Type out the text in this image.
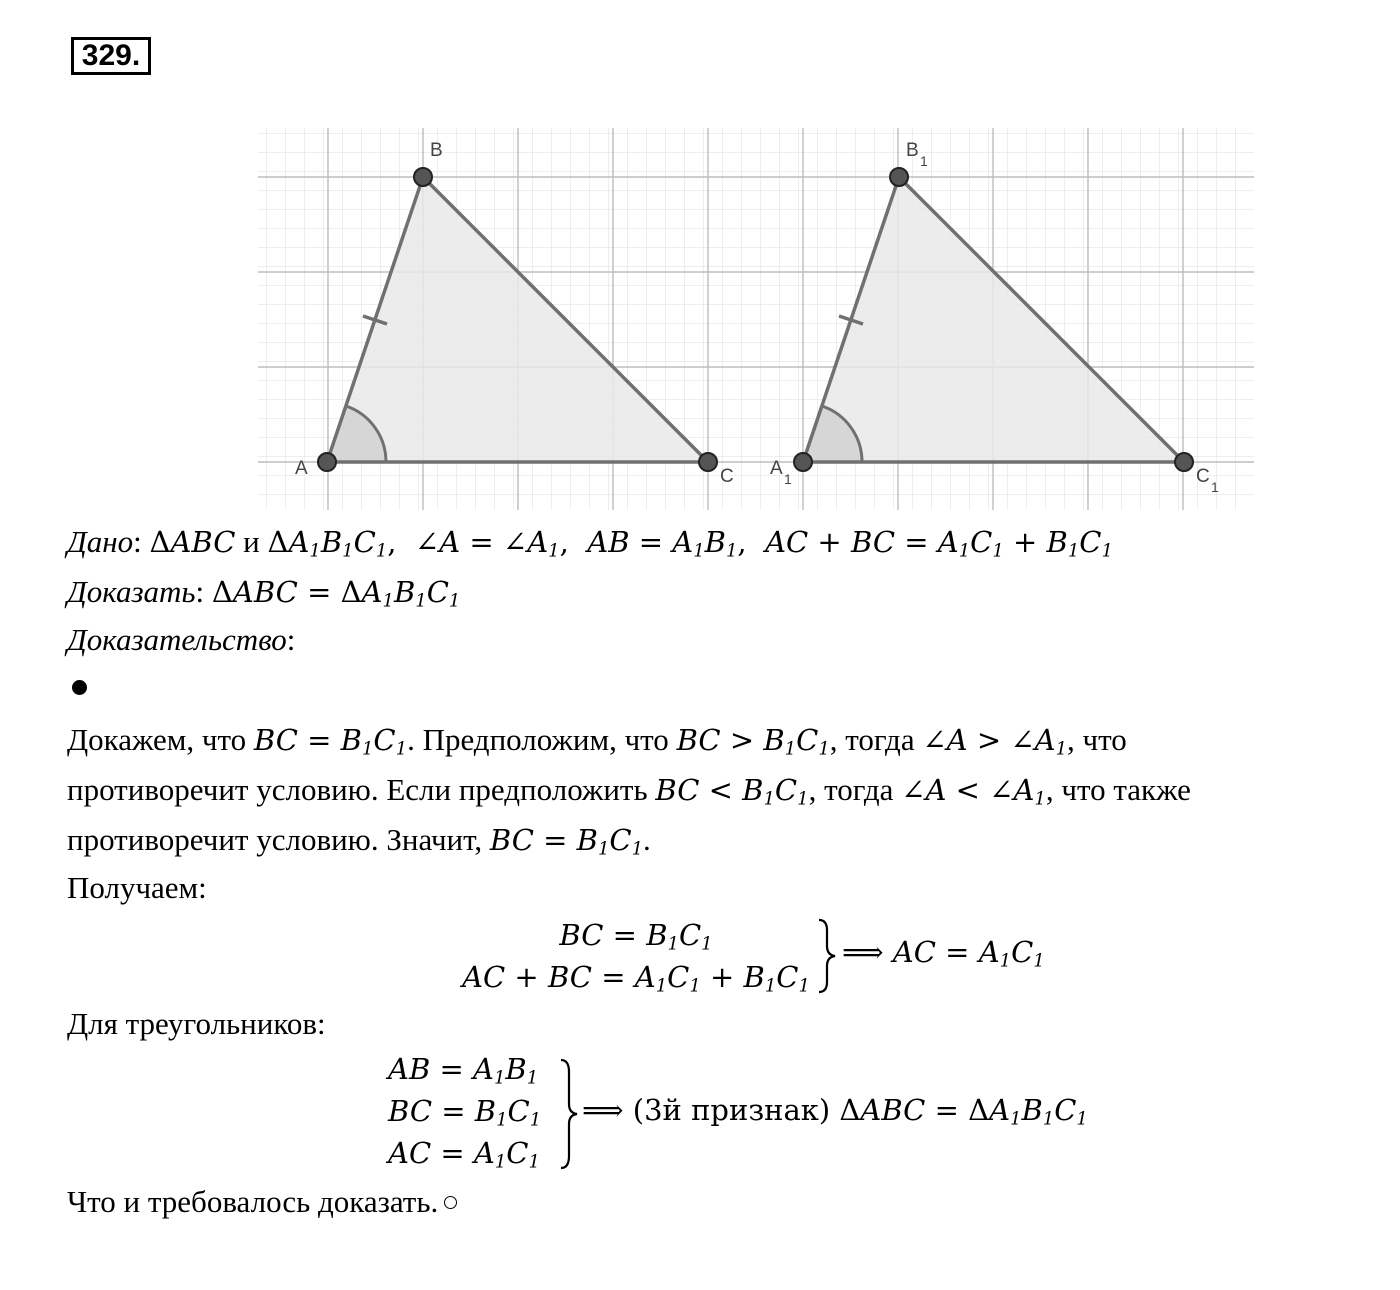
329.
A
B
C A 1
B 1
C 1
Дано: ΔABC и $\Delta A_1B_1C_1$,  ∠A = $\angle A_1$,  AB = $A_1B_1$,  AC + BC = $A_1C_1 + B_1C_1$
Доказать: $\Delta ABC = \Delta A_1B_1C_1$
Доказательство:
Докажем, что BC = $B_1C_1$. Предположим, что BC > $B_1C_1$, тогда ∠A > $\angle A_1$, что
противоречит условию. Если предположить BC < $B_1C_1$, тогда ∠A < $\angle A_1$, что также
противоречит условию. Значит, BC = $B_1C_1$.
Получаем:
BC = $B_1C_1$
AC + BC = $A_1C_1 + B_1C_1$
⟹ AC = $A_1C_1$
Для треугольников:
AB = $A_1B_1$
BC = $B_1C_1$
AC = $A_1C_1$
⟹ (3й признак) $\Delta ABC = \Delta A_1B_1C_1$
Что и требовалось доказать.
